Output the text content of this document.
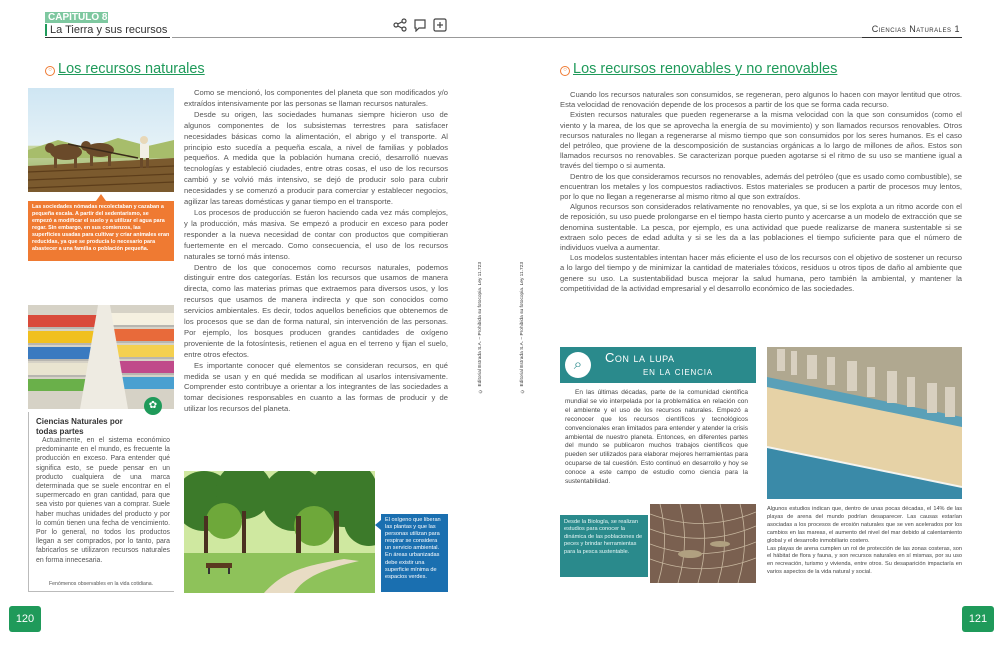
CAPÍTULO 8
La Tierra y sus recursos	Ciencias Naturales 1
○ Los recursos naturales
Las sociedades nómadas recolectaban y cazaban a pequeña escala. A partir del sedentarismo, se empezó a modificar el suelo y a utilizar el agua para regar. Sin embargo, en sus comienzos, las superficies usadas para cultivar y criar animales eran reducidas, ya que se producía lo necesario para abastecer a una familia o población pequeña.
✿
Ciencias Naturales por todas partes
Actualmente, en el sistema económico predominante en el mundo, es frecuente la producción en exceso. Para entender qué significa esto, se puede pensar en un producto cualquiera de una marca determinada que se suele encontrar en el supermercado en gran cantidad, para que sea visto por quienes van a comprar. Suele haber muchas unidades del producto y por lo común tienen una fecha de vencimiento. Por lo general, no todos los productos llegan a ser comprados, por lo tanto, para fabricarlos se utilizaron recursos naturales en forma innecesaria.
Fenómenos observables en la vida cotidiana.

Como se mencionó, los componentes del planeta que son modificados y/o extraídos intensivamente por las personas se llaman recursos naturales.

Desde su origen, las sociedades humanas siempre hicieron uso de algunos componentes de los subsistemas terrestres para satisfacer necesidades básicas como la alimentación, el abrigo y el transporte. Al principio esto sucedía a pequeña escala, a nivel de familias y poblados pequeños. A medida que la población humana creció, desarrolló nuevas tecnologías y estableció ciudades, entre otras cosas, el uso de los recursos cambió y se volvió más intensivo, se dejó de producir solo para cubrir necesidades y se comenzó a producir para comerciar y establecer negocios, agilizar las tareas domésticas y ganar tiempo en el transporte.

Los procesos de producción se fueron haciendo cada vez más complejos, y la producción, más masiva. Se empezó a producir en exceso para poder responder a la nueva necesidad de contar con productos que compitieran fuertemente en el mercado. Como consecuencia, el uso de los recursos naturales se tornó más intenso.

Dentro de los que conocemos como recursos naturales, podemos distinguir entre dos categorías. Están los recursos que usamos de manera directa, como las materias primas que extraemos para diversos usos, y los recursos que usamos de manera indirecta y que son conocidos como servicios ambientales. Es decir, todos aquellos beneficios que obtenemos de los procesos que se dan de forma natural, sin intervención de las personas. Por ejemplo, los bosques producen grandes cantidades de oxígeno proveniente de la fotosíntesis, retienen el agua en el terreno y fijan el suelo, entre otros efectos.

Es importante conocer qué elementos se consideran recursos, en qué medida se usan y en qué medida se modifican al usarlos intensivamente. Comprender esto contribuye a orientar a los integrantes de las sociedades a tomar decisiones responsables en cuanto a las formas de producir y de utilizar los recursos del planeta.

El oxígeno que liberan las plantas y que las personas utilizan para respirar se considera un servicio ambiental. En áreas urbanizadas debe existir una superficie mínima de espacios verdes.
120
© Editorial Estrada S.A. – Prohibida su fotocopia. Ley 11.723	© Editorial Estrada S.A. – Prohibida su fotocopia. Ley 11.723
○ Los recursos renovables y no renovables

Cuando los recursos naturales son consumidos, se regeneran, pero algunos lo hacen con mayor lentitud que otros. Esta velocidad de renovación depende de los procesos a partir de los que se forma cada recurso.

Existen recursos naturales que pueden regenerarse a la misma velocidad con la que son consumidos (como el viento y la marea, de los que se aprovecha la energía de su movimiento) y son llamados recursos renovables. Otros recursos naturales no llegan a regenerarse al mismo tiempo que son consumidos por los seres humanos. Es el caso del petróleo, que proviene de la descomposición de sustancias orgánicas a lo largo de millones de años. Estos son llamados recursos no renovables. Se caracterizan porque pueden agotarse si el ritmo de su uso se mantiene igual a través del tiempo o si aumenta.

Dentro de los que consideramos recursos no renovables, además del petróleo (que es usado como combustible), se encuentran los metales y los compuestos radiactivos. Estos materiales se producen a partir de procesos muy lentos, por lo que no llegan a regenerarse al mismo ritmo al que son extraídos.

Algunos recursos son considerados relativamente no renovables, ya que, si se los explota a un ritmo acorde con el de reposición, su uso puede prolongarse en el tiempo hasta cierto punto y acercarse a un modelo de extracción que se denomina sustentable. La pesca, por ejemplo, es una actividad que puede realizarse de manera sustentable si se extraen solo peces de edad adulta y si se les da a las poblaciones el tiempo suficiente para que el número de individuos vuelva a aumentar.

Los modelos sustentables intentan hacer más eficiente el uso de los recursos con el objetivo de sostener un recurso a lo largo del tiempo y de minimizar la cantidad de materiales tóxicos, residuos u otros tipos de daño al ambiente que genere su uso. La sustentabilidad busca mejorar la salud humana, pero también la ambiental, y mantener la competitividad de la actividad empresarial y el desarrollo económico de las sociedades.

⌕	Con la lupa
en la ciencia
En las últimas décadas, parte de la comunidad científica mundial se vio interpelada por la problemática en relación con el ambiente y el uso de los recursos naturales. Empezó a reconocer que los recursos científicos y tecnológicos convencionales eran limitados para entender y atender la crisis ambiental de nuestro planeta. Entonces, en diferentes partes del mundo se publicaron muchos trabajos científicos que pueden ser utilizados para elaborar mejores herramientas para ocuparse de tal cuestión. Esto continuó en desarrollo y hoy se conoce a este campo de estudio como ciencia para la sustentabilidad.
Desde la Biología, se realizan estudios para conocer la dinámica de las poblaciones de peces y brindar herramientas para la pesca sustentable.
Algunos estudios indican que, dentro de unas pocas décadas, el 14% de las playas de arena del mundo podrían desaparecer. Las causas estarían asociadas a los procesos de erosión naturales que se ven acelerados por los cambios en las mareas, el aumento del nivel del mar debido al calentamiento global y el desarrollo inmobiliario costero.
Las playas de arena cumplen un rol de protección de las zonas costeras, son el hábitat de flora y fauna, y son recursos naturales en sí mismas, por su uso en recreación, turismo y vivienda, entre otros. Su desaparición impactaría en varios aspectos de la vida natural y social.
121
